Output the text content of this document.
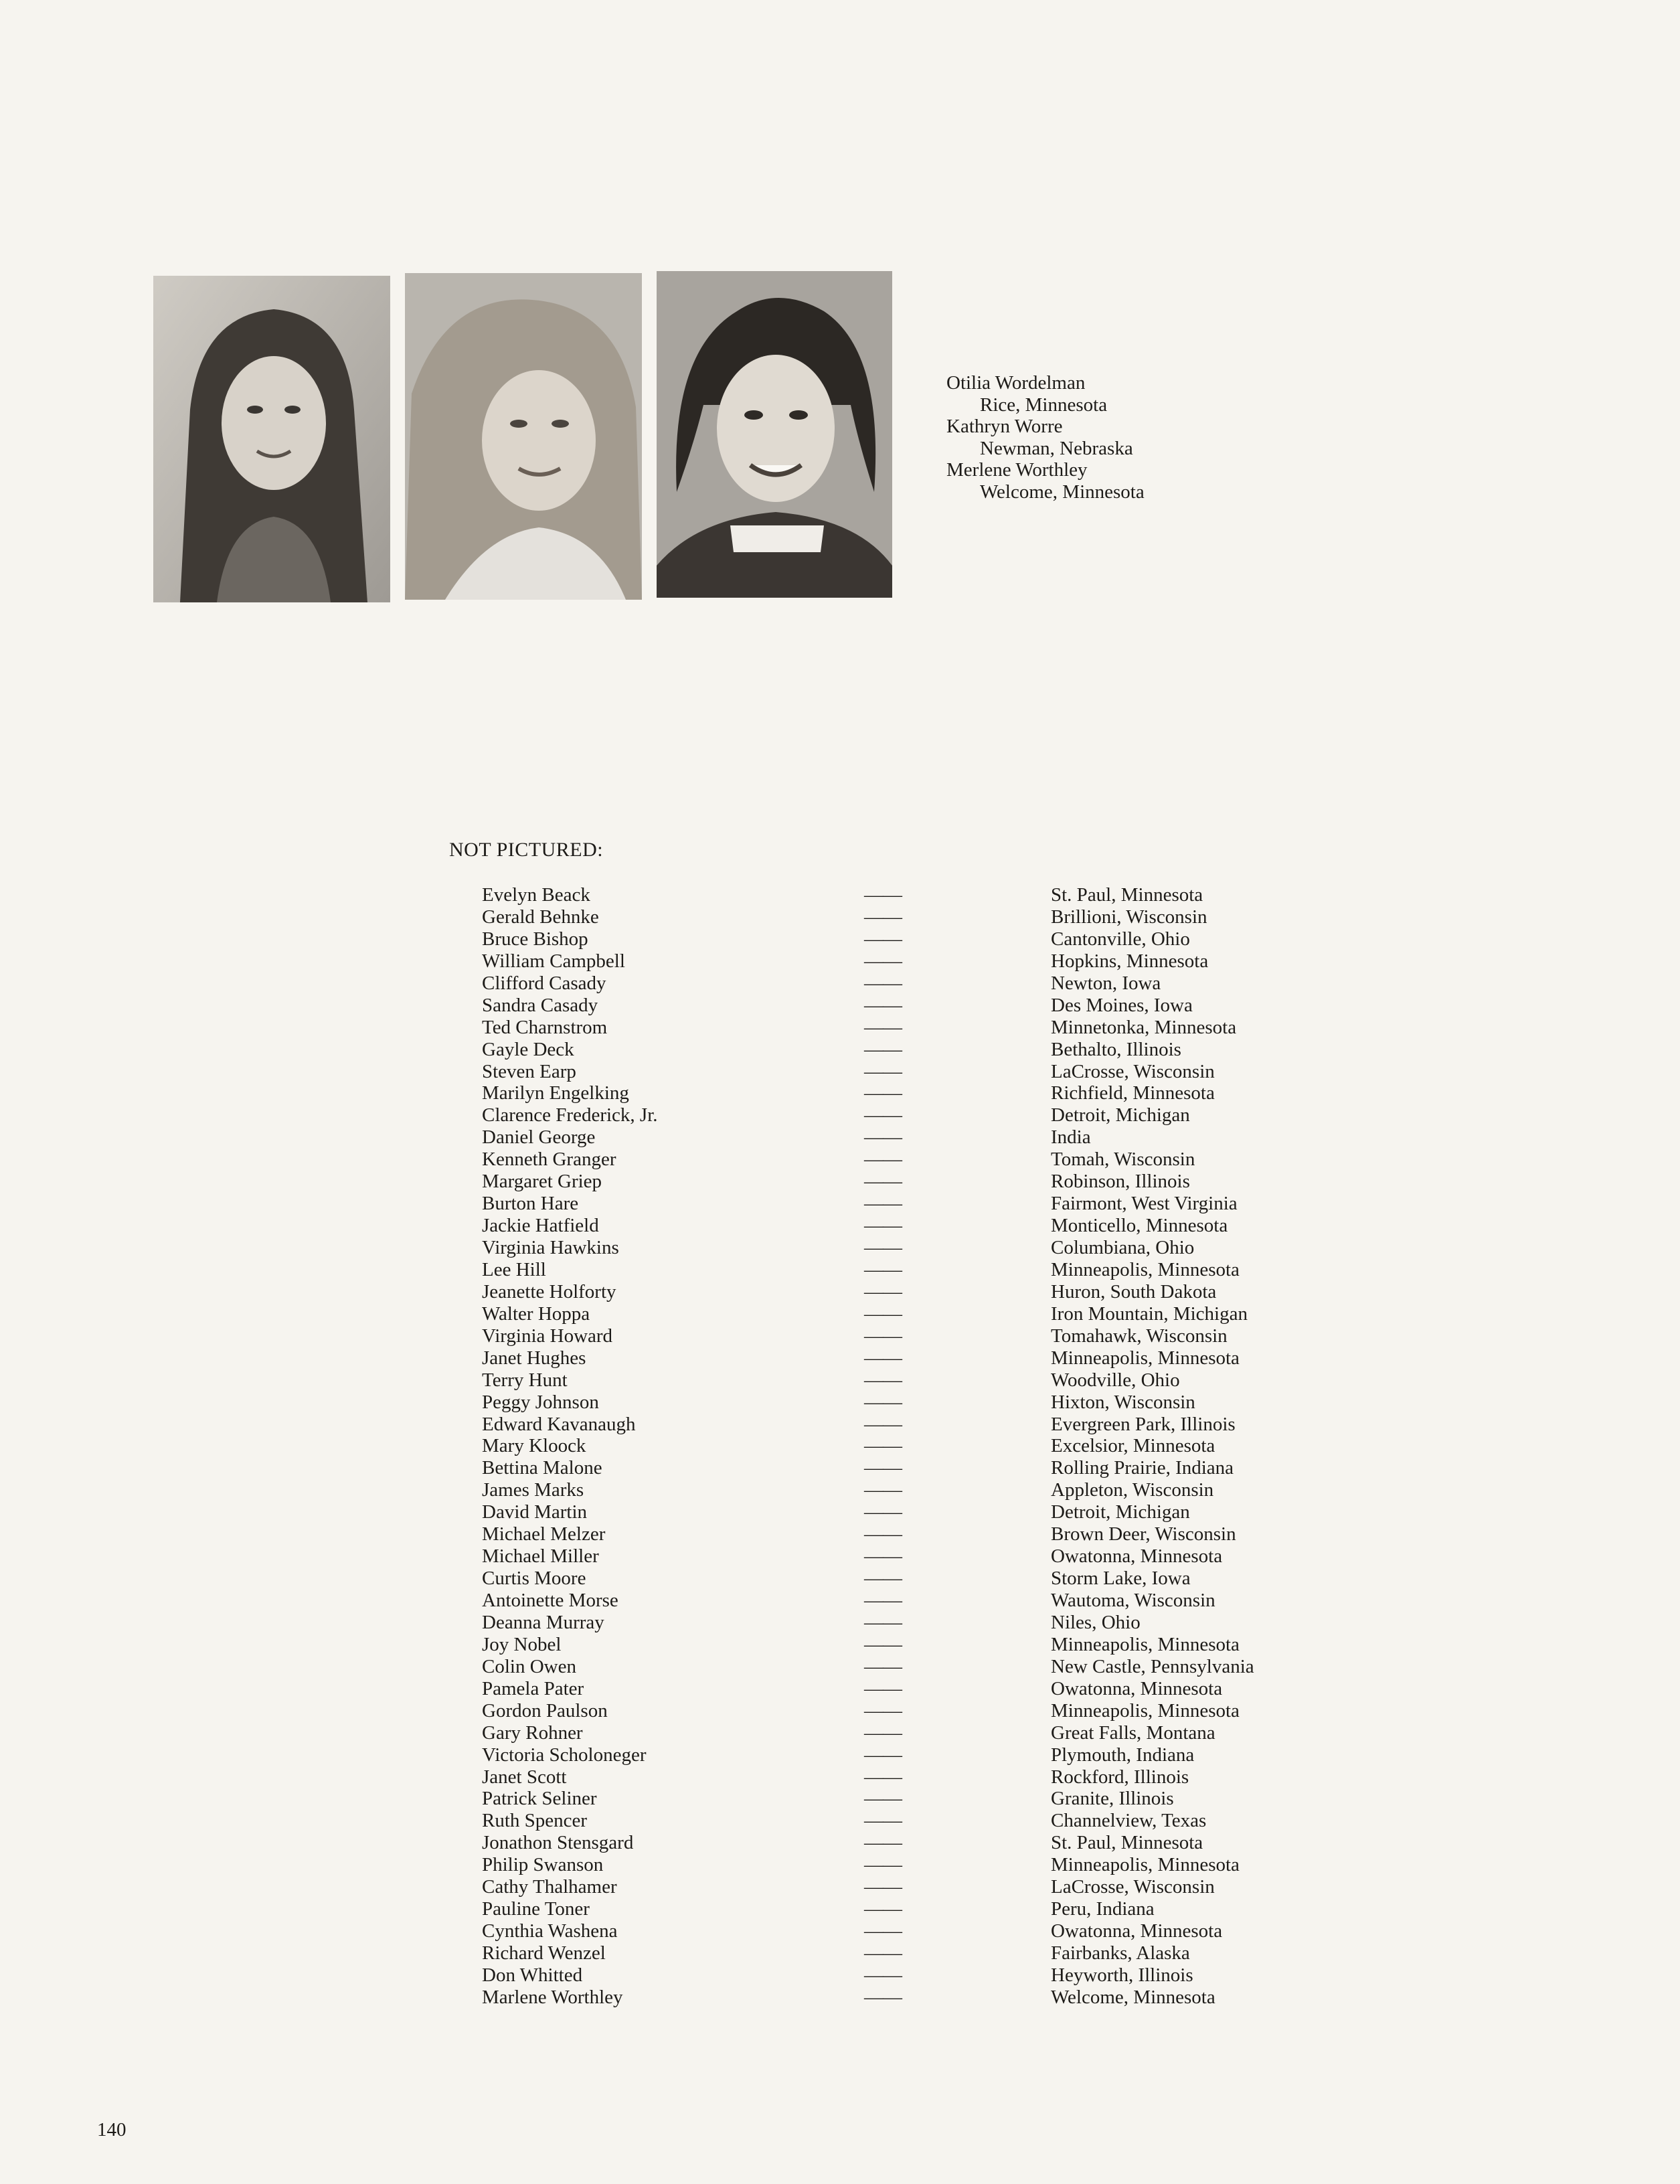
Otilia Wordelman
Rice, Minnesota
Kathryn Worre
Newman, Nebraska
Merlene Worthley
Welcome, Minnesota
NOT PICTURED:
Evelyn Beack	——	St. Paul, Minnesota
Gerald Behnke	——	Brillioni, Wisconsin
Bruce Bishop	——	Cantonville, Ohio
William Campbell	——	Hopkins, Minnesota
Clifford Casady	——	Newton, Iowa
Sandra Casady	——	Des Moines, Iowa
Ted Charnstrom	——	Minnetonka, Minnesota
Gayle Deck	——	Bethalto, Illinois
Steven Earp	——	LaCrosse, Wisconsin
Marilyn Engelking	——	Richfield, Minnesota
Clarence Frederick, Jr.	——	Detroit, Michigan
Daniel George	——	India
Kenneth Granger	——	Tomah, Wisconsin
Margaret Griep	——	Robinson, Illinois
Burton Hare	——	Fairmont, West Virginia
Jackie Hatfield	——	Monticello, Minnesota
Virginia Hawkins	——	Columbiana, Ohio
Lee Hill	——	Minneapolis, Minnesota
Jeanette Holforty	——	Huron, South Dakota
Walter Hoppa	——	Iron Mountain, Michigan
Virginia Howard	——	Tomahawk, Wisconsin
Janet Hughes	——	Minneapolis, Minnesota
Terry Hunt	——	Woodville, Ohio
Peggy Johnson	——	Hixton, Wisconsin
Edward Kavanaugh	——	Evergreen Park, Illinois
Mary Kloock	——	Excelsior, Minnesota
Bettina Malone	——	Rolling Prairie, Indiana
James Marks	——	Appleton, Wisconsin
David Martin	——	Detroit, Michigan
Michael Melzer	——	Brown Deer, Wisconsin
Michael Miller	——	Owatonna, Minnesota
Curtis Moore	——	Storm Lake, Iowa
Antoinette Morse	——	Wautoma, Wisconsin
Deanna Murray	——	Niles, Ohio
Joy Nobel	——	Minneapolis, Minnesota
Colin Owen	——	New Castle, Pennsylvania
Pamela Pater	——	Owatonna, Minnesota
Gordon Paulson	——	Minneapolis, Minnesota
Gary Rohner	——	Great Falls, Montana
Victoria Scholoneger	——	Plymouth, Indiana
Janet Scott	——	Rockford, Illinois
Patrick Seliner	——	Granite, Illinois
Ruth Spencer	——	Channelview, Texas
Jonathon Stensgard	——	St. Paul, Minnesota
Philip Swanson	——	Minneapolis, Minnesota
Cathy Thalhamer	——	LaCrosse, Wisconsin
Pauline Toner	——	Peru, Indiana
Cynthia Washena	——	Owatonna, Minnesota
Richard Wenzel	——	Fairbanks, Alaska
Don Whitted	——	Heyworth, Illinois
Marlene Worthley	——	Welcome, Minnesota
140
